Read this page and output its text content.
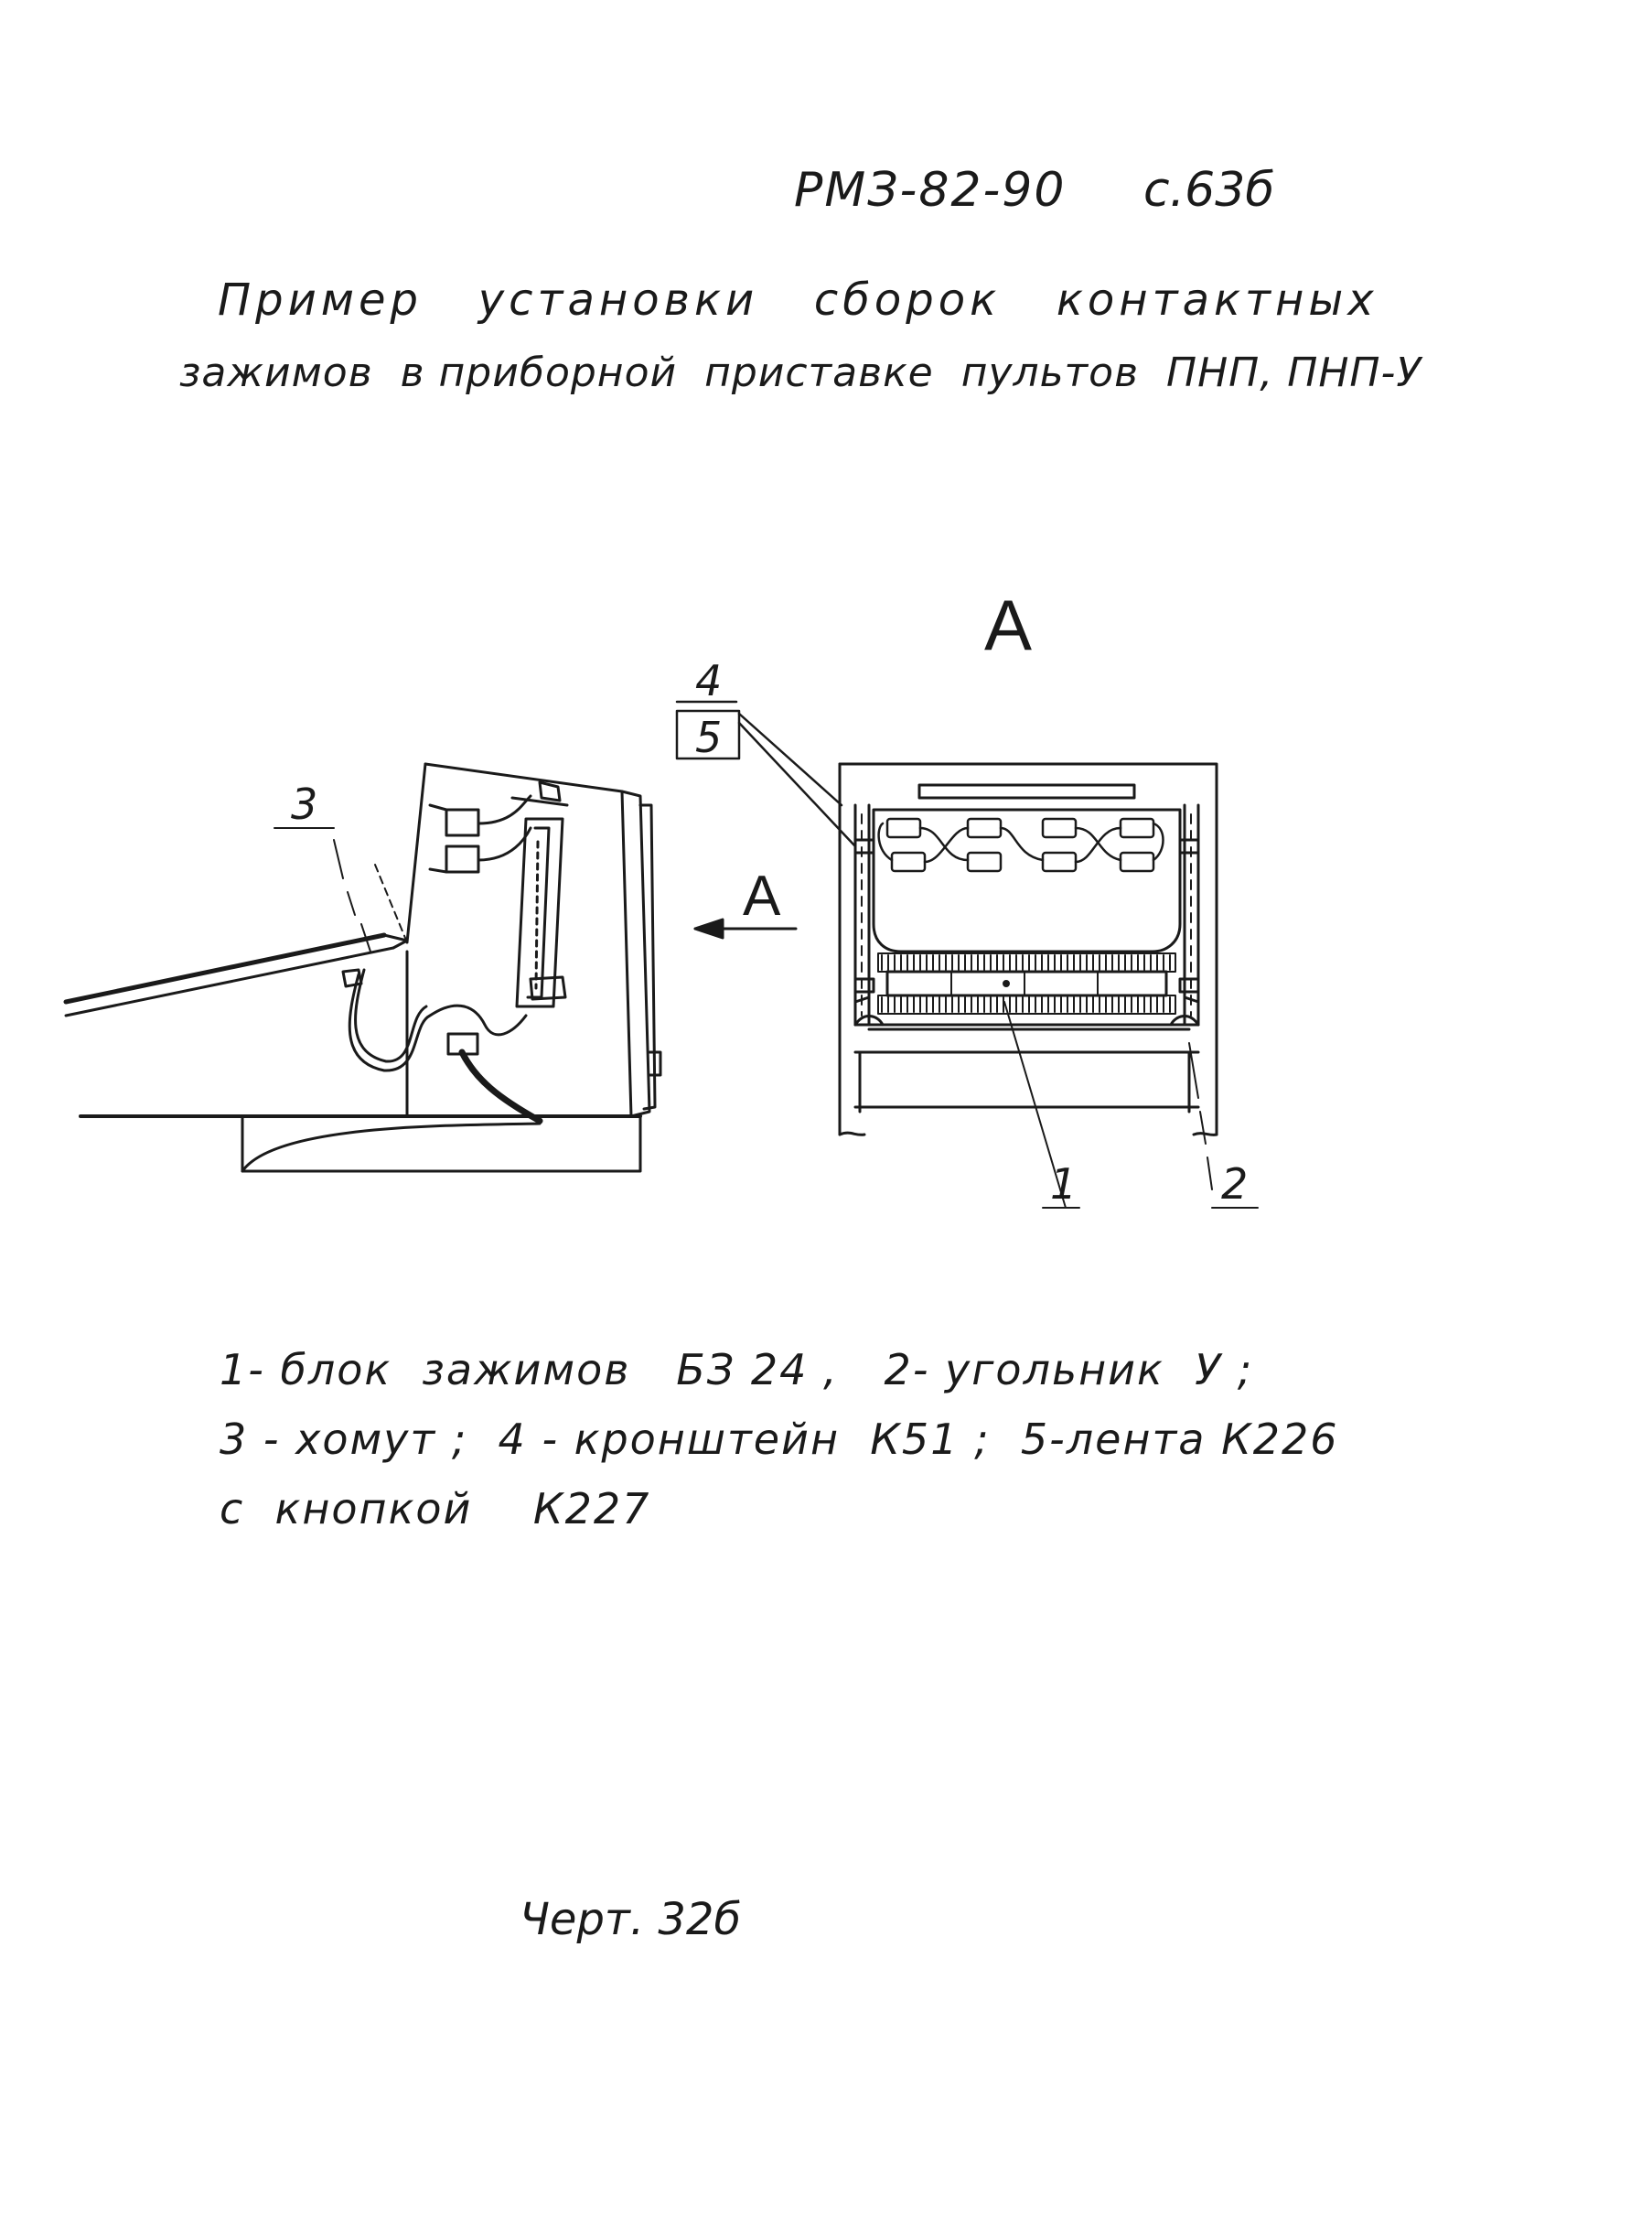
РМЗ-82-90 с.63б
Пример   установки   сборок   контактных
зажимов  в приборной  приставке  пультов  ПНП, ПНП-У
А
А
1	2
3
4
5
1- блок  зажимов   БЗ 24 ,   2- угольник  У ;
3 - хомут ;  4 - кронштейн  К51 ;  5-лента К226
с  кнопкой    К227
Черт. 32б
